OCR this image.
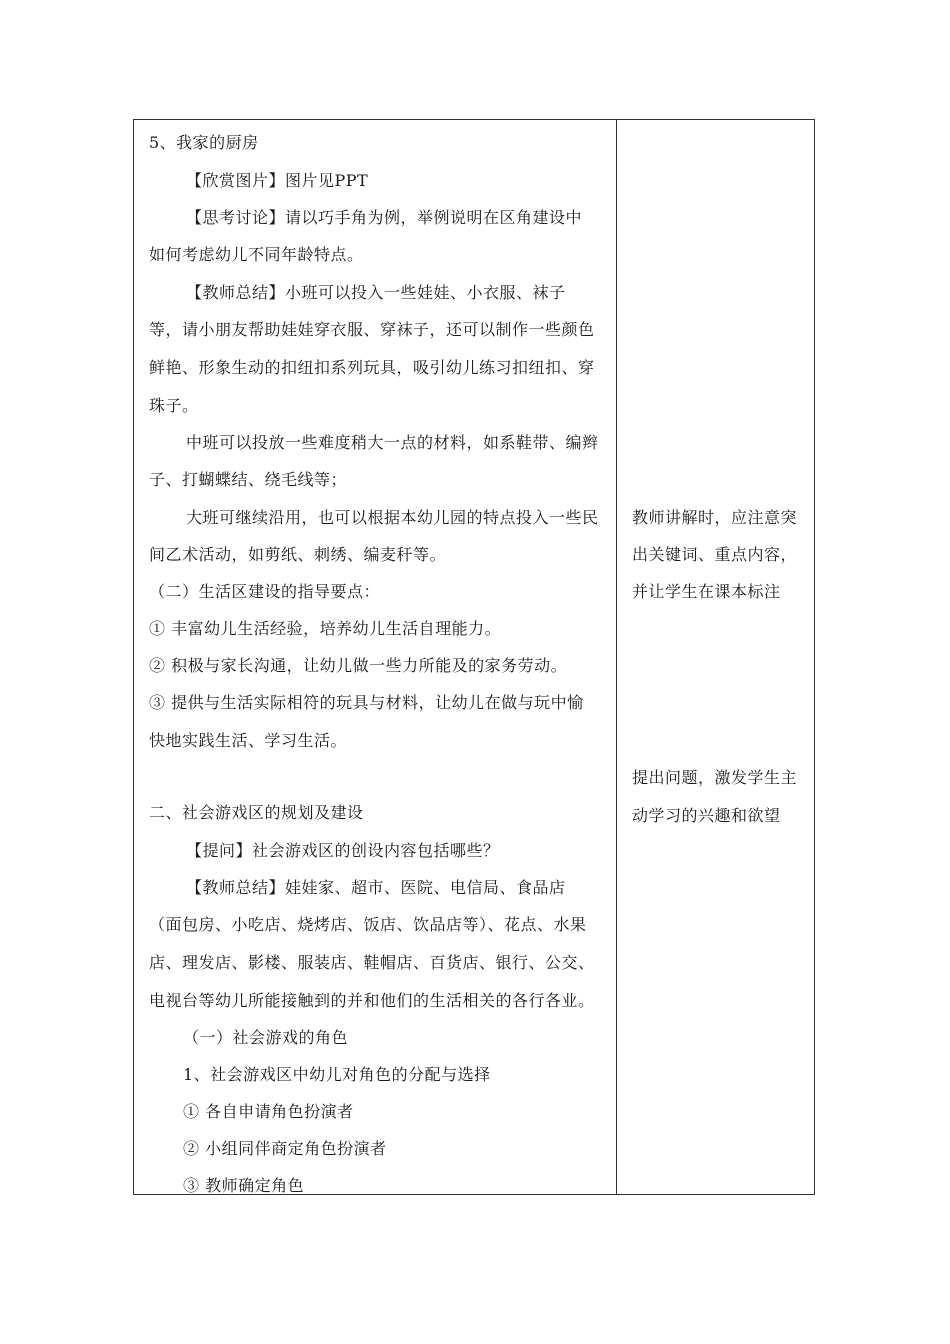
5、我家的厨房
【欣赏图片】图片见PPT
【思考讨论】请以巧手角为例，举例说明在区角建设中
如何考虑幼儿不同年龄特点。
【教师总结】小班可以投入一些娃娃、小衣服、袜子
等，请小朋友帮助娃娃穿衣服、穿袜子，还可以制作一些颜色
鲜艳、形象生动的扣纽扣系列玩具，吸引幼儿练习扣纽扣、穿
珠子。
中班可以投放一些难度稍大一点的材料，如系鞋带、编辫
子、打蝴蝶结、绕毛线等；
大班可继续沿用，也可以根据本幼儿园的特点投入一些民
间乙术活动，如剪纸、刺绣、编麦秆等。
（二）生活区建设的指导要点：
① 丰富幼儿生活经验，培养幼儿生活自理能力。
② 积极与家长沟通，让幼儿做一些力所能及的家务劳动。
③ 提供与生活实际相符的玩具与材料，让幼儿在做与玩中愉
快地实践生活、学习生活。
二、社会游戏区的规划及建设
【提问】社会游戏区的创设内容包括哪些？
【教师总结】娃娃家、超市、医院、电信局、食品店
（面包房、小吃店、烧烤店、饭店、饮品店等）、花点、水果
店、理发店、影楼、服装店、鞋帽店、百货店、银行、公交、
电视台等幼儿所能接触到的并和他们的生活相关的各行各业。
（一）社会游戏的角色
1、社会游戏区中幼儿对角色的分配与选择
① 各自申请角色扮演者
② 小组同伴商定角色扮演者
③ 教师确定角色
教师讲解时，应注意突
出关键词、重点内容，
并让学生在课本标注
提出问题，激发学生主
动学习的兴趣和欲望
